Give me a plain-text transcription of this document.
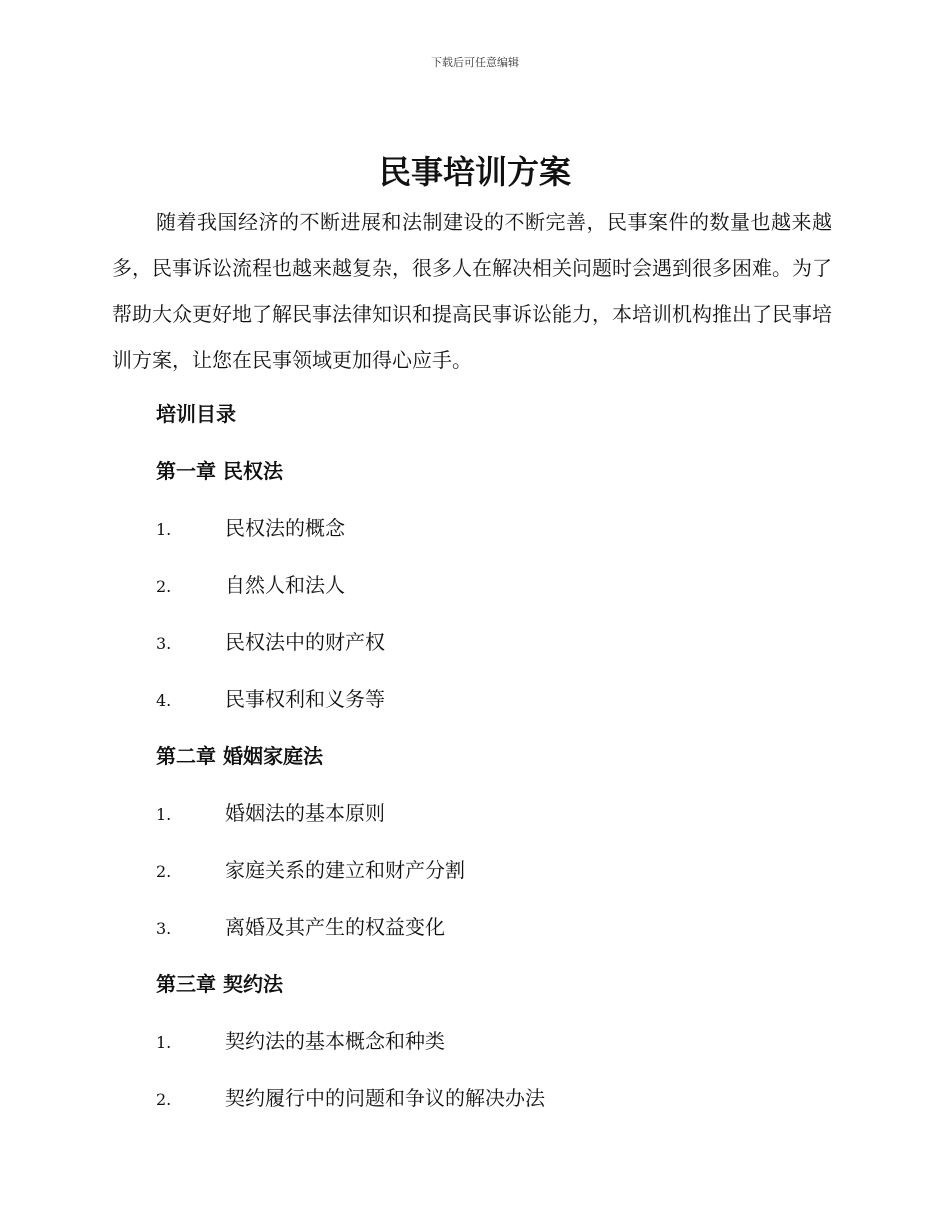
下载后可任意编辑
民事培训方案

随着我国经济的不断进展和法制建设的不断完善，民事案件的数量也越来越多，民事诉讼流程也越来越复杂，很多人在解决相关问题时会遇到很多困难。为了帮助大众更好地了解民事法律知识和提高民事诉讼能力，本培训机构推出了民事培训方案，让您在民事领域更加得心应手。

培训目录
第一章 民权法
1.	民权法的概念
2.	自然人和法人
3.	民权法中的财产权
4.	民事权利和义务等
第二章 婚姻家庭法
1.	婚姻法的基本原则
2.	家庭关系的建立和财产分割
3.	离婚及其产生的权益变化
第三章 契约法
1.	契约法的基本概念和种类
2.	契约履行中的问题和争议的解决办法
